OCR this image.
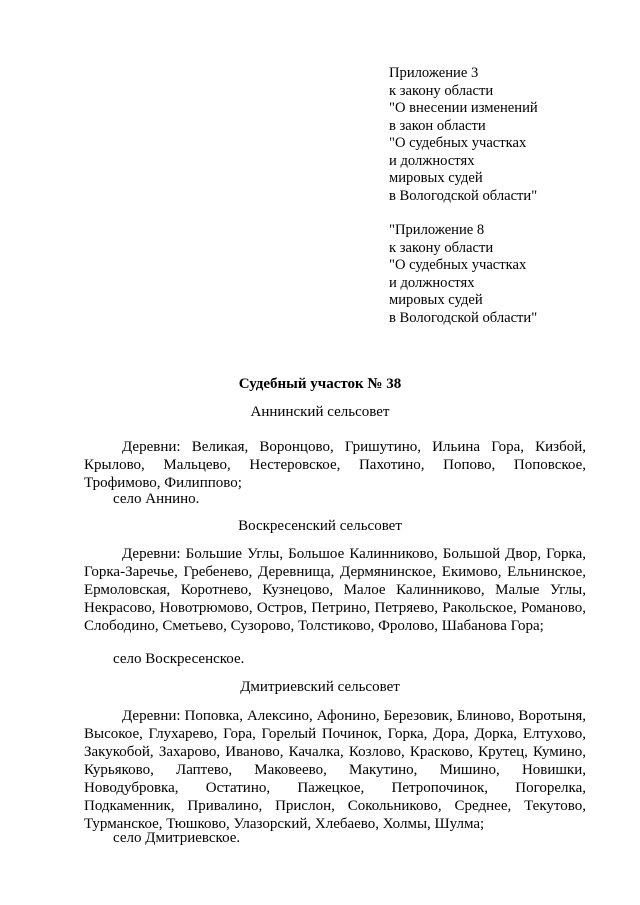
Приложение 3
к закону области
"О внесении изменений
в закон области
"О судебных участках
и должностях
мировых судей
в Вологодской области"
"Приложение 8
к закону области
"О судебных участках
и должностях
мировых судей
в Вологодской области"
Судебный участок № 38
Аннинский сельсовет
Деревни: Великая, Воронцово, Гришутино, Ильина Гора, Кизбой, Крылово, Мальцево, Нестеровское, Пахотино, Попово, Поповское, Трофимово, Филиппово;
село Аннино.
Воскресенский сельсовет
Деревни: Большие Углы, Большое Калинниково, Большой Двор, Горка, Горка-Заречье, Гребенево, Деревнища, Дермянинское, Екимово, Ельнинское, Ермоловская, Коротнево, Кузнецово, Малое Калинниково, Малые Углы, Некрасово, Новотрюмово, Остров, Петрино, Петряево, Ракольское, Романово, Слободино, Сметьево, Сузорово, Толстиково, Фролово, Шабанова Гора;
село Воскресенское.
Дмитриевский сельсовет
Деревни: Поповка, Алексино, Афонино, Березовик, Блиново, Воротыня, Высокое, Глухарево, Гора, Горелый Починок, Горка, Дора, Дорка, Елтухово, Закукобой, Захарово, Иваново, Качалка, Козлово, Красково, Крутец, Кумино, Курьяково, Лаптево, Маковеево, Макутино, Мишино, Новишки, Новодубровка, Остатино, Пажецкое, Петропочинок, Погорелка, Подкаменник, Привалино, Прислон, Сокольниково, Среднее, Текутово, Турманское, Тюшково, Улазорский, Хлебаево, Холмы, Шулма;
село Дмитриевское.
